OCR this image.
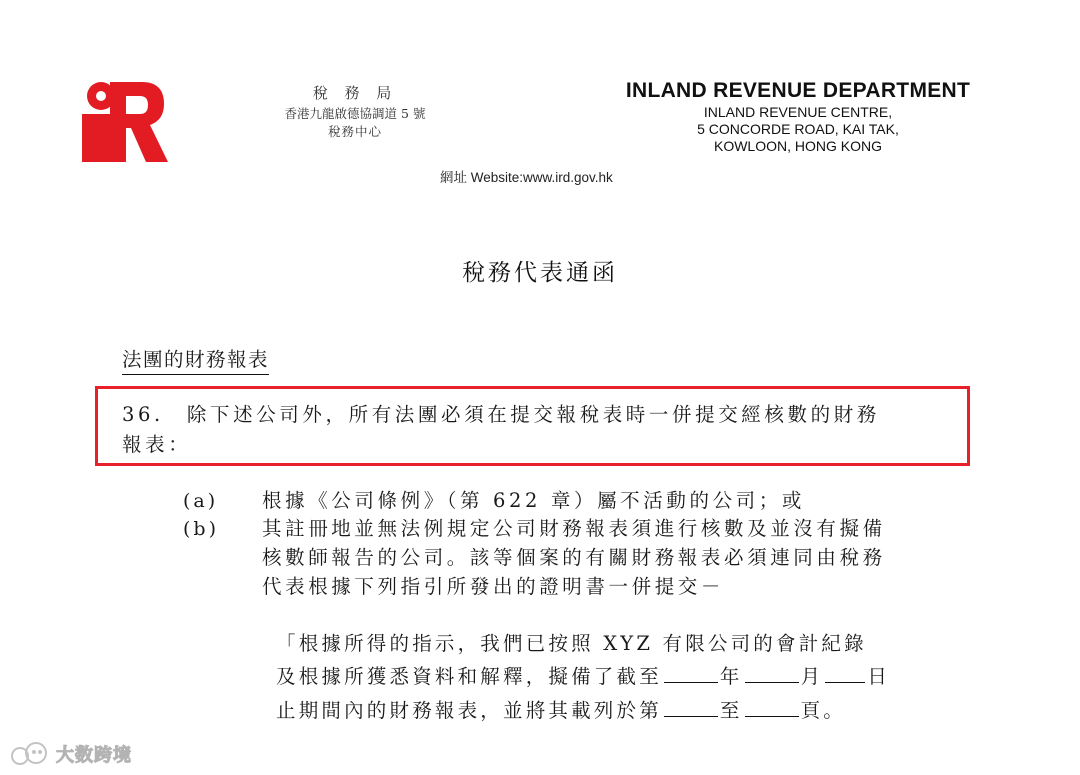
稅 務 局
香港九龍啟德協調道 5 號
稅務中心
INLAND REVENUE DEPARTMENT
INLAND REVENUE CENTRE,
5 CONCORDE ROAD, KAI TAK,
KOWLOON, HONG KONG
網址 Website:www.ird.gov.hk
稅務代表通函
法團的財務報表
36.　除下述公司外，所有法團必須在提交報稅表時一併提交經核數的財務
報表：
(a) 根據《公司條例》（第 622 章）屬不活動的公司；或
(b) 其註冊地並無法例規定公司財務報表須進行核數及並沒有擬備
核數師報告的公司。該等個案的有關財務報表必須連同由稅務
代表根據下列指引所發出的證明書一併提交－
「根據所得的指示，我們已按照 XYZ 有限公司的會計紀錄
及根據所獲悉資料和解釋，擬備了截至	年	月 日
止期間內的財務報表，並將其載列於第	至	頁。
大数跨境
